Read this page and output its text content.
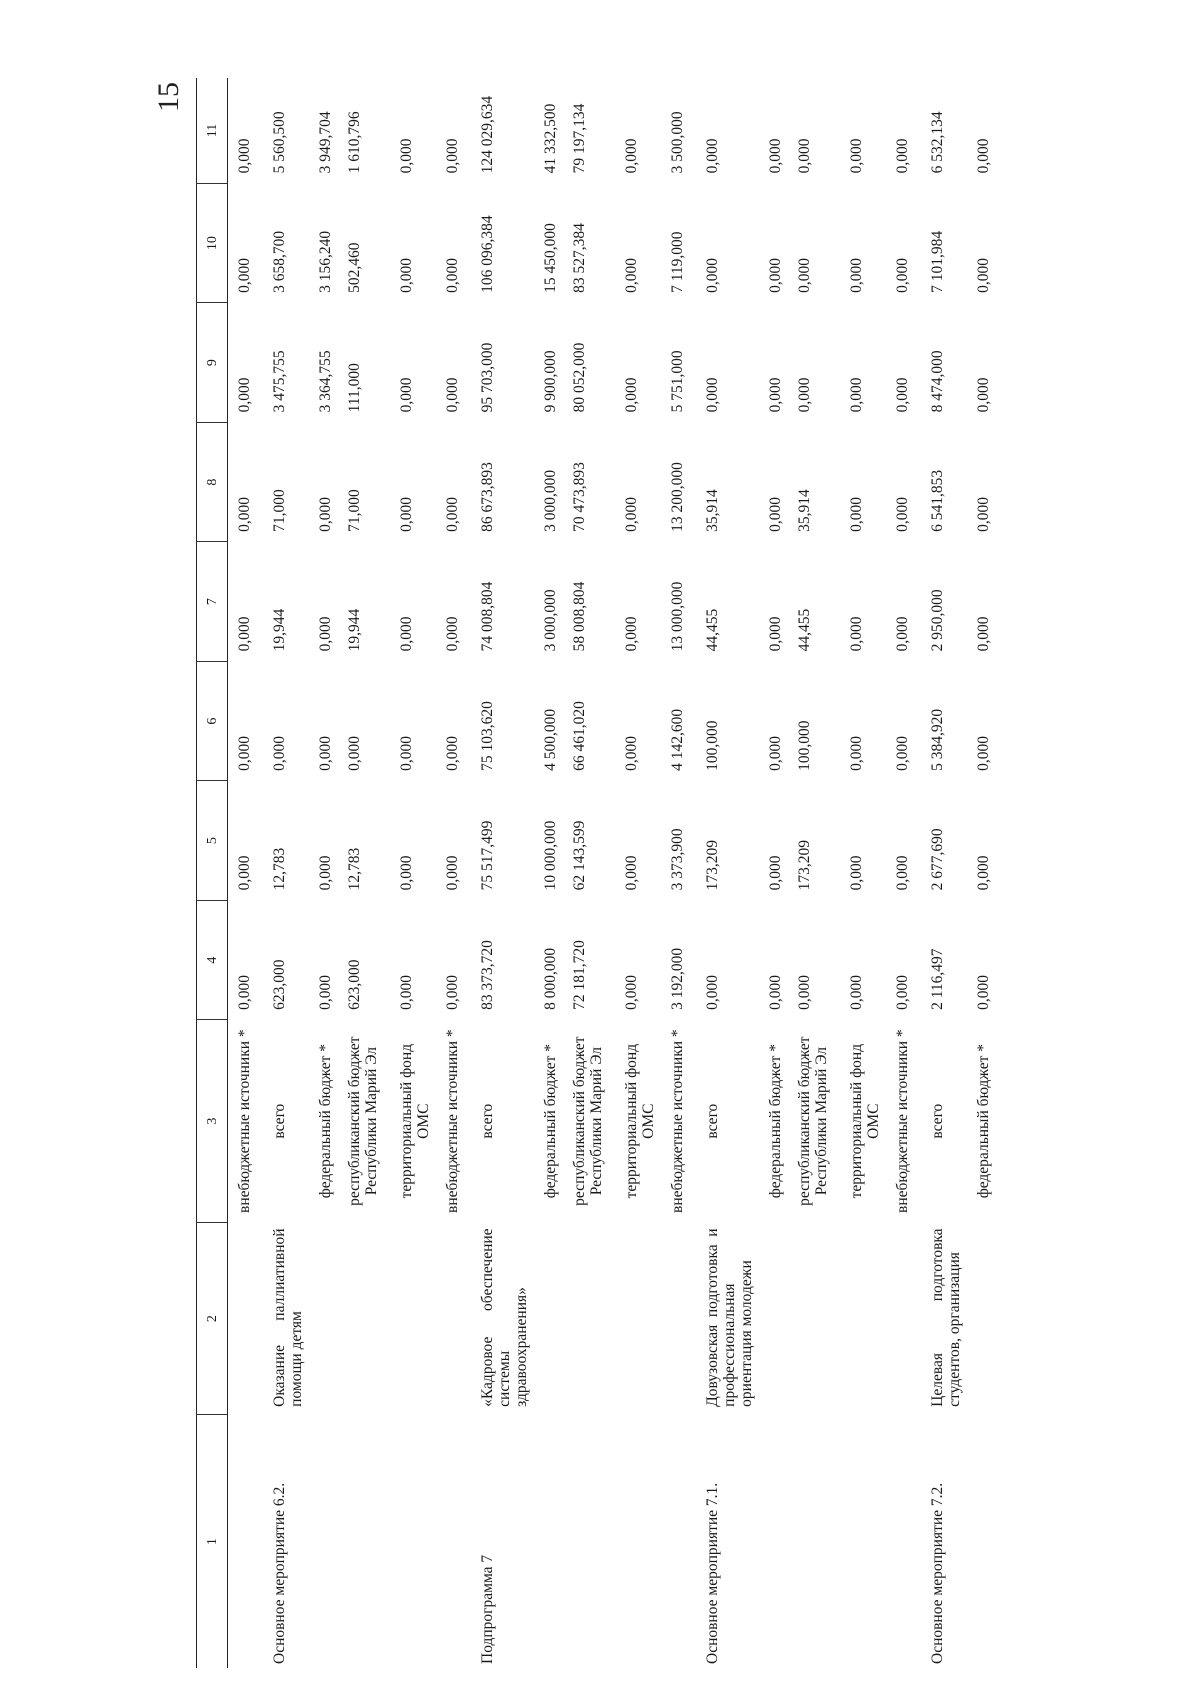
15
1	2	3	4	5	6	7	8	9	10	11
		внебюджетные источники *	0,000	0,000	0,000	0,000	0,000	0,000	0,000	0,000
Основное мероприятие 6.2.	Оказание паллиативной помощи детям	всего	623,000	12,783	0,000	19,944	71,000	3 475,755	3 658,700	5 560,500
		федеральный бюджет *	0,000	0,000	0,000	0,000	0,000	3 364,755	3 156,240	3 949,704
		республиканский бюджет Республики Марий Эл	623,000	12,783	0,000	19,944	71,000	111,000	502,460	1 610,796
		территориальный фонд ОМС	0,000	0,000	0,000	0,000	0,000	0,000	0,000	0,000
		внебюджетные источники *	0,000	0,000	0,000	0,000	0,000	0,000	0,000	0,000
Подпрограмма 7	«Кадровое обеспечение системы здравоохранения»	всего	83 373,720	75 517,499	75 103,620	74 008,804	86 673,893	95 703,000	106 096,384	124 029,634
		федеральный бюджет *	8 000,000	10 000,000	4 500,000	3 000,000	3 000,000	9 900,000	15 450,000	41 332,500
		республиканский бюджет Республики Марий Эл	72 181,720	62 143,599	66 461,020	58 008,804	70 473,893	80 052,000	83 527,384	79 197,134
		территориальный фонд ОМС	0,000	0,000	0,000	0,000	0,000	0,000	0,000	0,000
		внебюджетные источники *	3 192,000	3 373,900	4 142,600	13 000,000	13 200,000	5 751,000	7 119,000	3 500,000
Основное мероприятие 7.1.	Довузовская подготовка и профессиональная ориентация молодежи	всего	0,000	173,209	100,000	44,455	35,914	0,000	0,000	0,000
		федеральный бюджет *	0,000	0,000	0,000	0,000	0,000	0,000	0,000	0,000
		республиканский бюджет Республики Марий Эл	0,000	173,209	100,000	44,455	35,914	0,000	0,000	0,000
		территориальный фонд ОМС	0,000	0,000	0,000	0,000	0,000	0,000	0,000	0,000
		внебюджетные источники *	0,000	0,000	0,000	0,000	0,000	0,000	0,000	0,000
Основное мероприятие 7.2.	Целевая подготовка студентов, организация	всего	2 116,497	2 677,690	5 384,920	2 950,000	6 541,853	8 474,000	7 101,984	6 532,134
		федеральный бюджет *	0,000	0,000	0,000	0,000	0,000	0,000	0,000	0,000
